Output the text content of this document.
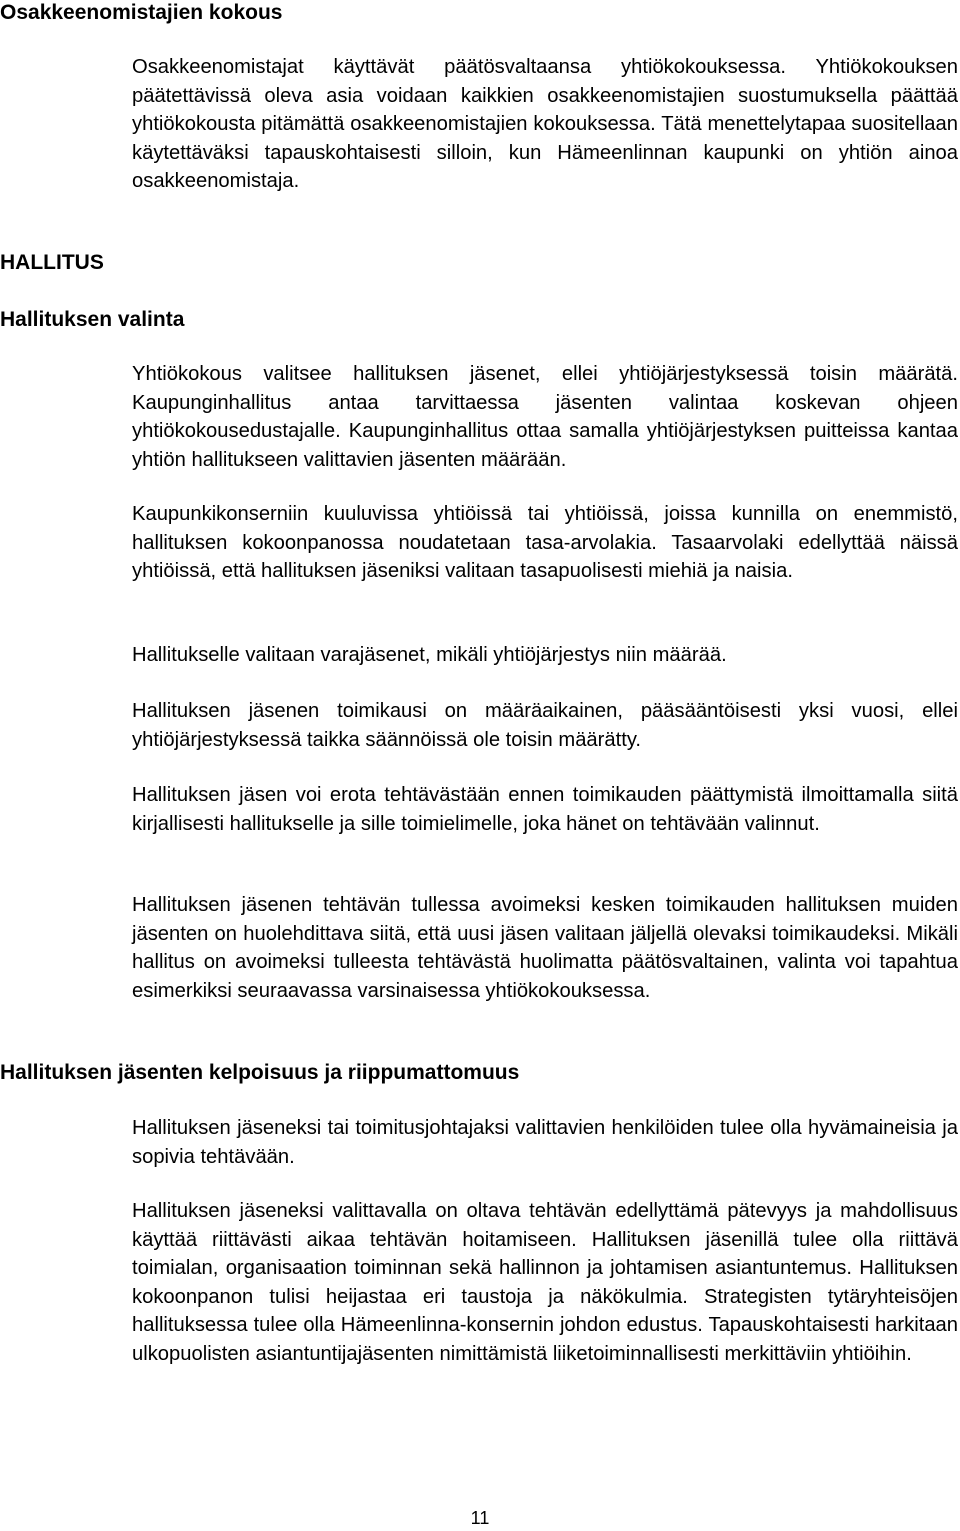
Osakkeenomistajien kokous

Osakkeenomistajat käyttävät päätösvaltaansa yhtiökokouksessa. Yhtiökokouksen päätettävissä oleva asia voidaan kaikkien osakkeenomistajien suostumuksella päättää yhtiökokousta pitämättä osakkeenomistajien kokouksessa. Tätä menettelytapaa suositellaan käytettäväksi tapauskohtaisesti silloin, kun Hämeenlinnan kaupunki on yhtiön ainoa osakkeenomistaja.

HALLITUS
Hallituksen valinta

Yhtiökokous valitsee hallituksen jäsenet, ellei yhtiöjärjestyksessä toisin määrätä. Kaupunginhallitus antaa tarvittaessa jäsenten valintaa koskevan ohjeen yhtiökokousedustajalle. Kaupunginhallitus ottaa samalla yhtiöjärjestyksen puitteissa kantaa yhtiön hallitukseen valittavien jäsenten määrään.

Kaupunkikonserniin kuuluvissa yhtiöissä tai yhtiöissä, joissa kunnilla on enemmistö, hallituksen kokoonpanossa noudatetaan tasa-arvolakia. Tasaarvolaki edellyttää näissä yhtiöissä, että hallituksen jäseniksi valitaan tasapuolisesti miehiä ja naisia.

Hallitukselle valitaan varajäsenet, mikäli yhtiöjärjestys niin määrää.

Hallituksen jäsenen toimikausi on määräaikainen, pääsääntöisesti yksi vuosi, ellei yhtiöjärjestyksessä taikka säännöissä ole toisin määrätty.

Hallituksen jäsen voi erota tehtävästään ennen toimikauden päättymistä ilmoittamalla siitä kirjallisesti hallitukselle ja sille toimielimelle, joka hänet on tehtävään valinnut.

Hallituksen jäsenen tehtävän tullessa avoimeksi kesken toimikauden hallituksen muiden jäsenten on huolehdittava siitä, että uusi jäsen valitaan jäljellä olevaksi toimikaudeksi. Mikäli hallitus on avoimeksi tulleesta tehtävästä huolimatta päätösvaltainen, valinta voi tapahtua esimerkiksi seuraavassa varsinaisessa yhtiökokouksessa.

Hallituksen jäsenten kelpoisuus ja riippumattomuus

Hallituksen jäseneksi tai toimitusjohtajaksi valittavien henkilöiden tulee olla hyvämaineisia ja sopivia tehtävään.

Hallituksen jäseneksi valittavalla on oltava tehtävän edellyttämä pätevyys ja mahdollisuus käyttää riittävästi aikaa tehtävän hoitamiseen. Hallituksen jäsenillä tulee olla riittävä toimialan, organisaation toiminnan sekä hallinnon ja johtamisen asiantuntemus. Hallituksen kokoonpanon tulisi heijastaa eri taustoja ja näkökulmia. Strategisten tytäryhteisöjen hallituksessa tulee olla Hämeenlinna-konsernin johdon edustus. Tapauskohtaisesti harkitaan ulkopuolisten asiantuntijajäsenten nimittämistä liiketoiminnallisesti merkittäviin yhtiöihin.

11
